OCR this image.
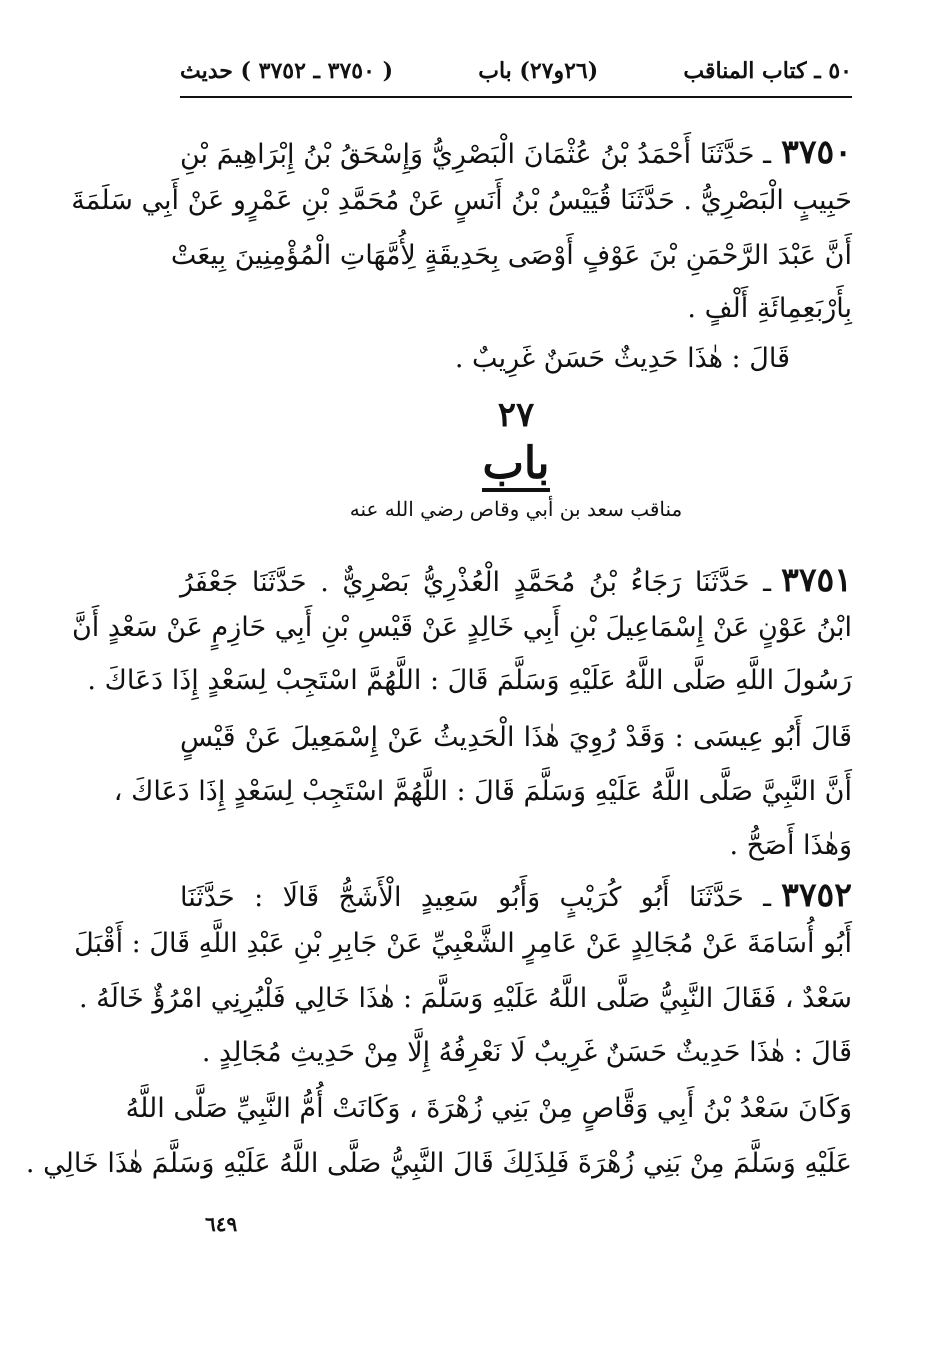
٥٠ ـ كتاب المناقب
(٢٦و٢٧) باب
( ٣٧٥٠ ـ ٣٧٥٢ ) حديث

٣٧٥٠ـ حَدَّثَنَا أَحْمَدُ بْنُ عُثْمَانَ الْبَصْرِيُّ وَإِسْحَقُ بْنُ إِبْرَاهِيمَ بْنِ

حَبِيبٍ الْبَصْرِيُّ . حَدَّثَنَا قُيَيْسُ بْنُ أَنَسٍ عَنْ مُحَمَّدِ بْنِ عَمْرٍو عَنْ أَبِي سَلَمَةَ

أَنَّ عَبْدَ الرَّحْمَنِ بْنَ عَوْفٍ أَوْصَى بِحَدِيقَةٍ لِأُمَّهَاتِ الْمُؤْمِنِينَ بِيعَتْ

بِأَرْبَعِمِائَةِ أَلْفٍ .

قَالَ : هٰذَا حَدِيثٌ حَسَنٌ غَرِيبٌ .

٢٧
باب
مناقب سعد بن أبي وقاص رضي الله عنه

٣٧٥١ـ حَدَّثَنَا رَجَاءُ بْنُ مُحَمَّدٍ الْعُذْرِيُّ بَصْرِيٌّ . حَدَّثَنَا جَعْفَرُ

ابْنُ عَوْنٍ عَنْ إِسْمَاعِيلَ بْنِ أَبِي خَالِدٍ عَنْ قَيْسِ بْنِ أَبِي حَازِمٍ عَنْ سَعْدٍ أَنَّ

رَسُولَ اللَّهِ صَلَّى اللَّهُ عَلَيْهِ وَسَلَّمَ قَالَ : اللَّهُمَّ اسْتَجِبْ لِسَعْدٍ إِذَا دَعَاكَ .

قَالَ أَبُو عِيسَى : وَقَدْ رُوِيَ هٰذَا الْحَدِيثُ عَنْ إِسْمَعِيلَ عَنْ قَيْسٍ

أَنَّ النَّبِيَّ صَلَّى اللَّهُ عَلَيْهِ وَسَلَّمَ قَالَ : اللَّهُمَّ اسْتَجِبْ لِسَعْدٍ إِذَا دَعَاكَ ،

وَهٰذَا أَصَحُّ .

٣٧٥٢ـ حَدَّثَنَا أَبُو كُرَيْبٍ وَأَبُو سَعِيدٍ الْأَشَجُّ قَالَا : حَدَّثَنَا

أَبُو أُسَامَةَ عَنْ مُجَالِدٍ عَنْ عَامِرٍ الشَّعْبِيِّ عَنْ جَابِرِ بْنِ عَبْدِ اللَّهِ قَالَ : أَقْبَلَ

سَعْدٌ ، فَقَالَ النَّبِيُّ صَلَّى اللَّهُ عَلَيْهِ وَسَلَّمَ : هٰذَا خَالِي فَلْيُرِنِي امْرُؤٌ خَالَهُ .

قَالَ : هٰذَا حَدِيثٌ حَسَنٌ غَرِيبٌ لَا نَعْرِفُهُ إِلَّا مِنْ حَدِيثِ مُجَالِدٍ .

وَكَانَ سَعْدُ بْنُ أَبِي وَقَّاصٍ مِنْ بَنِي زُهْرَةَ ، وَكَانَتْ أُمُّ النَّبِيِّ صَلَّى اللَّهُ

عَلَيْهِ وَسَلَّمَ مِنْ بَنِي زُهْرَةَ فَلِذَلِكَ قَالَ النَّبِيُّ صَلَّى اللَّهُ عَلَيْهِ وَسَلَّمَ هٰذَا خَالِي .

٦٤٩
